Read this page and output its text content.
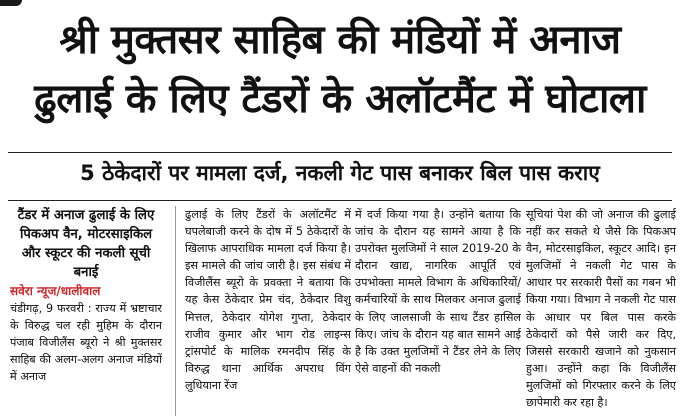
श्री मुक्तसर साहिब की मंडियों में अनाज
ढुलाई के लिए टैंडरों के अलॉटमैंट में घोटाला
5 ठेकेदारों पर मामला दर्ज, नकली गेट पास बनाकर बिल पास कराए
टैंडर में अनाज ढुलाई के लिए पिकअप वैन, मोटरसाइकिल और स्कूटर की नकली सूची बनाई

सवेरा न्यूज/धालीवाल

चंडीगढ़, 9 फरवरी : राज्य में भ्रष्टाचार के विरुद्ध चल रही मुहिम के दौरान पंजाब विजीलैंस ब्यूरो ने श्री मुक्तसर साहिब की अलग-अलग अनाज मंडियों में अनाज

ढुलाई के लिए टैंडरों के अलॉटमैंट में घपलेबाजी करने के दोष में 5 ठेकेदारों के खिलाफ आपराधिक मामला दर्ज किया है। इस मामले की जांच जारी है। इस संबंध में विजीलैंस ब्यूरो के प्रवक्ता ने बताया कि यह केस ठेकेदार प्रेम चंद, ठेकेदार विशु मित्तल, ठेकेदार योगेश गुप्ता, ठेकेदार राजीव कुमार और भाग रोड लाइन्स ट्रांसपोर्ट के मालिक रमनदीप सिंह के विरुद्ध थाना आर्थिक अपराध विंग लुधियाना रेंज

में दर्ज किया गया है। उन्होंने बताया कि जांच के दौरान यह सामने आया है कि उपरोक्त मुलजिमों ने साल 2019-20 के दौरान खाद्य, नागरिक आपूर्ति एवं उपभोक्ता मामले विभाग के अधिकारियों/कर्मचारियों के साथ मिलकर अनाज ढुलाई के लिए जालसाजी के साथ टैंडर हासिल किए। जांच के दौरान यह बात सामने आई है कि उक्त मुलजिमों ने टैंडर लेने के लिए ऐसे वाहनों की नकली

सूचियां पेश की जो अनाज की ढुलाई नहीं कर सकते थे जैसे कि पिकअप वैन, मोटरसाइकिल, स्कूटर आदि। इन मुलजिमों ने नकली गेट पास के आधार पर सरकारी पैसों का गबन भी किया गया। विभाग ने नकली गेट पास के आधार पर बिल पास करके ठेकेदारों को पैसे जारी कर दिए, जिससे सरकारी खजाने को नुकसान हुआ। उन्होंने कहा कि विजीलैंस मुलजिमों को गिरफ्तार करने के लिए छापेमारी कर रहा है।
